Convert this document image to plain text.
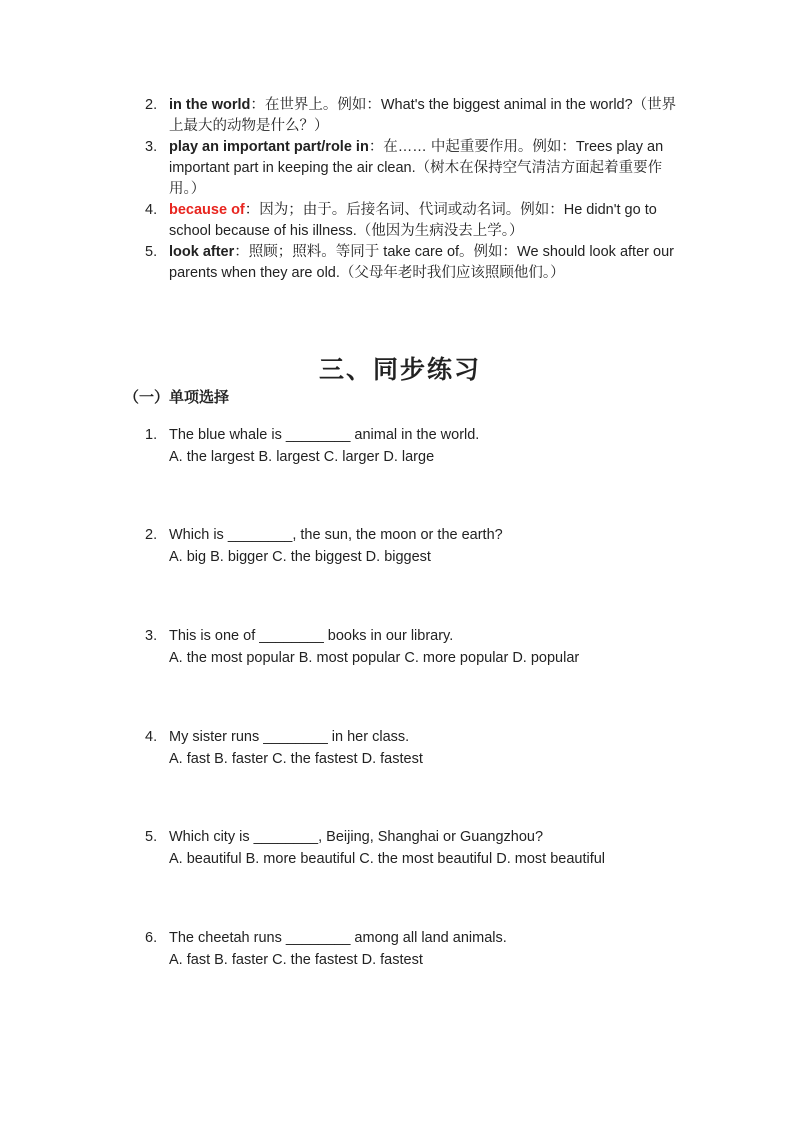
2. in the world：在世界上。例如：What's the biggest animal in the world?（世界上最大的动物是什么？）
3. play an important part/role in：在…… 中起重要作用。例如：Trees play an important part in keeping the air clean.（树木在保持空气清洁方面起着重要作用。）
4. because of：因为；由于。后接名词、代词或动名词。例如：He didn't go to school because of his illness.（他因为生病没去上学。）
5. look after：照顾；照料。等同于 take care of。例如：We should look after our parents when they are old.（父母年老时我们应该照顾他们。）
三、同步练习
（一）单项选择
1. The blue whale is ________ animal in the world.
A. the largest B. largest C. larger D. large
2. Which is ________, the sun, the moon or the earth?
A. big B. bigger C. the biggest D. biggest
3. This is one of ________ books in our library.
A. the most popular B. most popular C. more popular D. popular
4. My sister runs ________ in her class.
A. fast B. faster C. the fastest D. fastest
5. Which city is ________, Beijing, Shanghai or Guangzhou?
A. beautiful B. more beautiful C. the most beautiful D. most beautiful
6. The cheetah runs ________ among all land animals.
A. fast B. faster C. the fastest D. fastest
